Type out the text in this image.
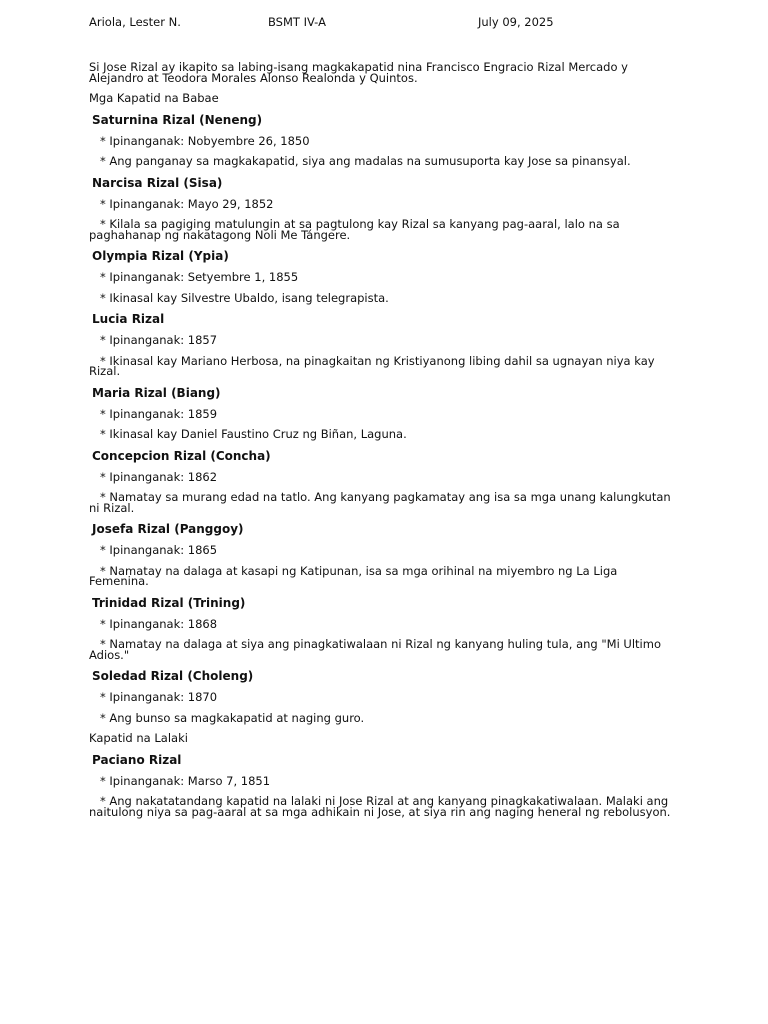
Ariola, Lester N.	BSMT IV-A	July 09, 2025

Si Jose Rizal ay ikapito sa labing-isang magkakapatid nina Francisco Engracio Rizal Mercado y Alejandro at Teodora Morales Alonso Realonda y Quintos.

Mga Kapatid na Babae

Saturnina Rizal (Neneng)

* Ipinanganak: Nobyembre 26, 1850

* Ang panganay sa magkakapatid, siya ang madalas na sumusuporta kay Jose sa pinansyal.

Narcisa Rizal (Sisa)

* Ipinanganak: Mayo 29, 1852

* Kilala sa pagiging matulungin at sa pagtulong kay Rizal sa kanyang pag-aaral, lalo na sa paghahanap ng nakatagong Noli Me Tángere.

Olympia Rizal (Ypia)

* Ipinanganak: Setyembre 1, 1855

* Ikinasal kay Silvestre Ubaldo, isang telegrapista.

Lucia Rizal

* Ipinanganak: 1857

* Ikinasal kay Mariano Herbosa, na pinagkaitan ng Kristiyanong libing dahil sa ugnayan niya kay Rizal.

Maria Rizal (Biang)

* Ipinanganak: 1859

* Ikinasal kay Daniel Faustino Cruz ng Biñan, Laguna.

Concepcion Rizal (Concha)

* Ipinanganak: 1862

* Namatay sa murang edad na tatlo. Ang kanyang pagkamatay ang isa sa mga unang kalungkutan ni Rizal.

Josefa Rizal (Panggoy)

* Ipinanganak: 1865

* Namatay na dalaga at kasapi ng Katipunan, isa sa mga orihinal na miyembro ng La Liga Femenina.

Trinidad Rizal (Trining)

* Ipinanganak: 1868

* Namatay na dalaga at siya ang pinagkatiwalaan ni Rizal ng kanyang huling tula, ang "Mi Ultimo Adios."

Soledad Rizal (Choleng)

* Ipinanganak: 1870

* Ang bunso sa magkakapatid at naging guro.

Kapatid na Lalaki

Paciano Rizal

* Ipinanganak: Marso 7, 1851

* Ang nakatatandang kapatid na lalaki ni Jose Rizal at ang kanyang pinagkakatiwalaan. Malaki ang naitulong niya sa pag-aaral at sa mga adhikain ni Jose, at siya rin ang naging heneral ng rebolusyon.
